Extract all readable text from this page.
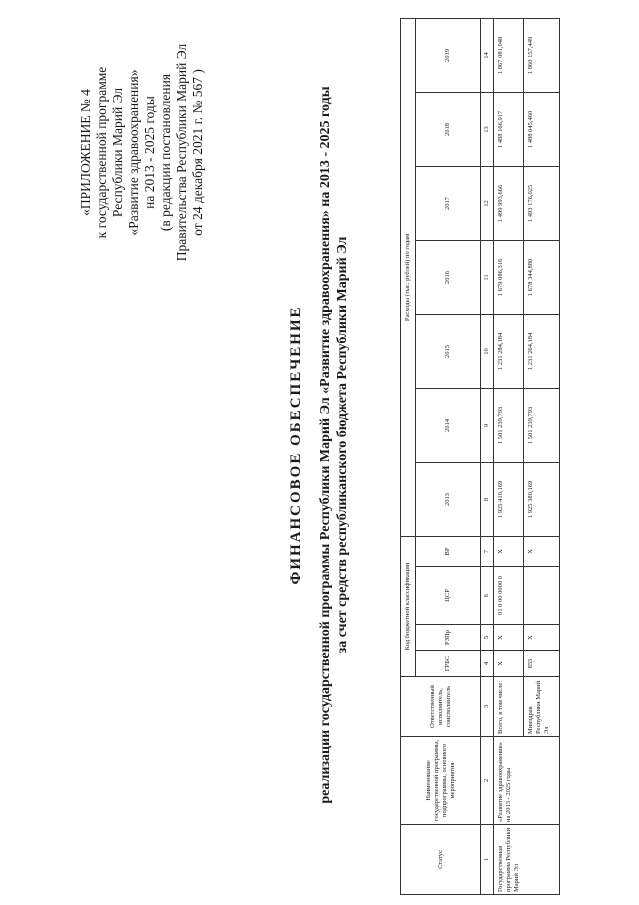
«ПРИЛОЖЕНИЕ № 4 к государственной программе Республики Марий Эл «Развитие здравоохранения» на 2013 - 2025 годы (в редакции постановления Правительства Республики Марий Эл от 24 декабря 2021 г. № 567 )
ФИНАНСОВОЕ ОБЕСПЕЧЕНИЕ реализации государственной программы Республики Марий Эл «Развитие здравоохранения» на 2013 - 2025 годы за счет средств республиканского бюджета Республики Марий Эл
Статус	Наименование государственной программы, подпрограммы, основного мероприятия	Ответственный исполнитель, соисполнитель	Код бюджетной классификации				Расходы (тыс. рублей) по годам						
			ГРБС	РЗПр	ЦСР	ВР	2013	2014	2015	2016	2017	2018	2019

1	2	3	4	5	6	7	8	9	10	11	12	13	14
Государственная программа Республики Марий Эл	«Развитие здравоохранения» на 2013 - 2025 годы	Всего, в том числе:	Х	Х	01 0 00 0000 0	Х	1 925 410,169	1 501 239,793	1 231 284,184	1 679 086,316	1 499 993,666	1 488 166,917	1 867 081,048
		Минздрав Республики Марий Эл	855	Х		Х	1 925 380,169	1 501 239,793	1 231 264,184	1 678 344,880	1 493 176,025	1 488 045,460	1 860 157,449
